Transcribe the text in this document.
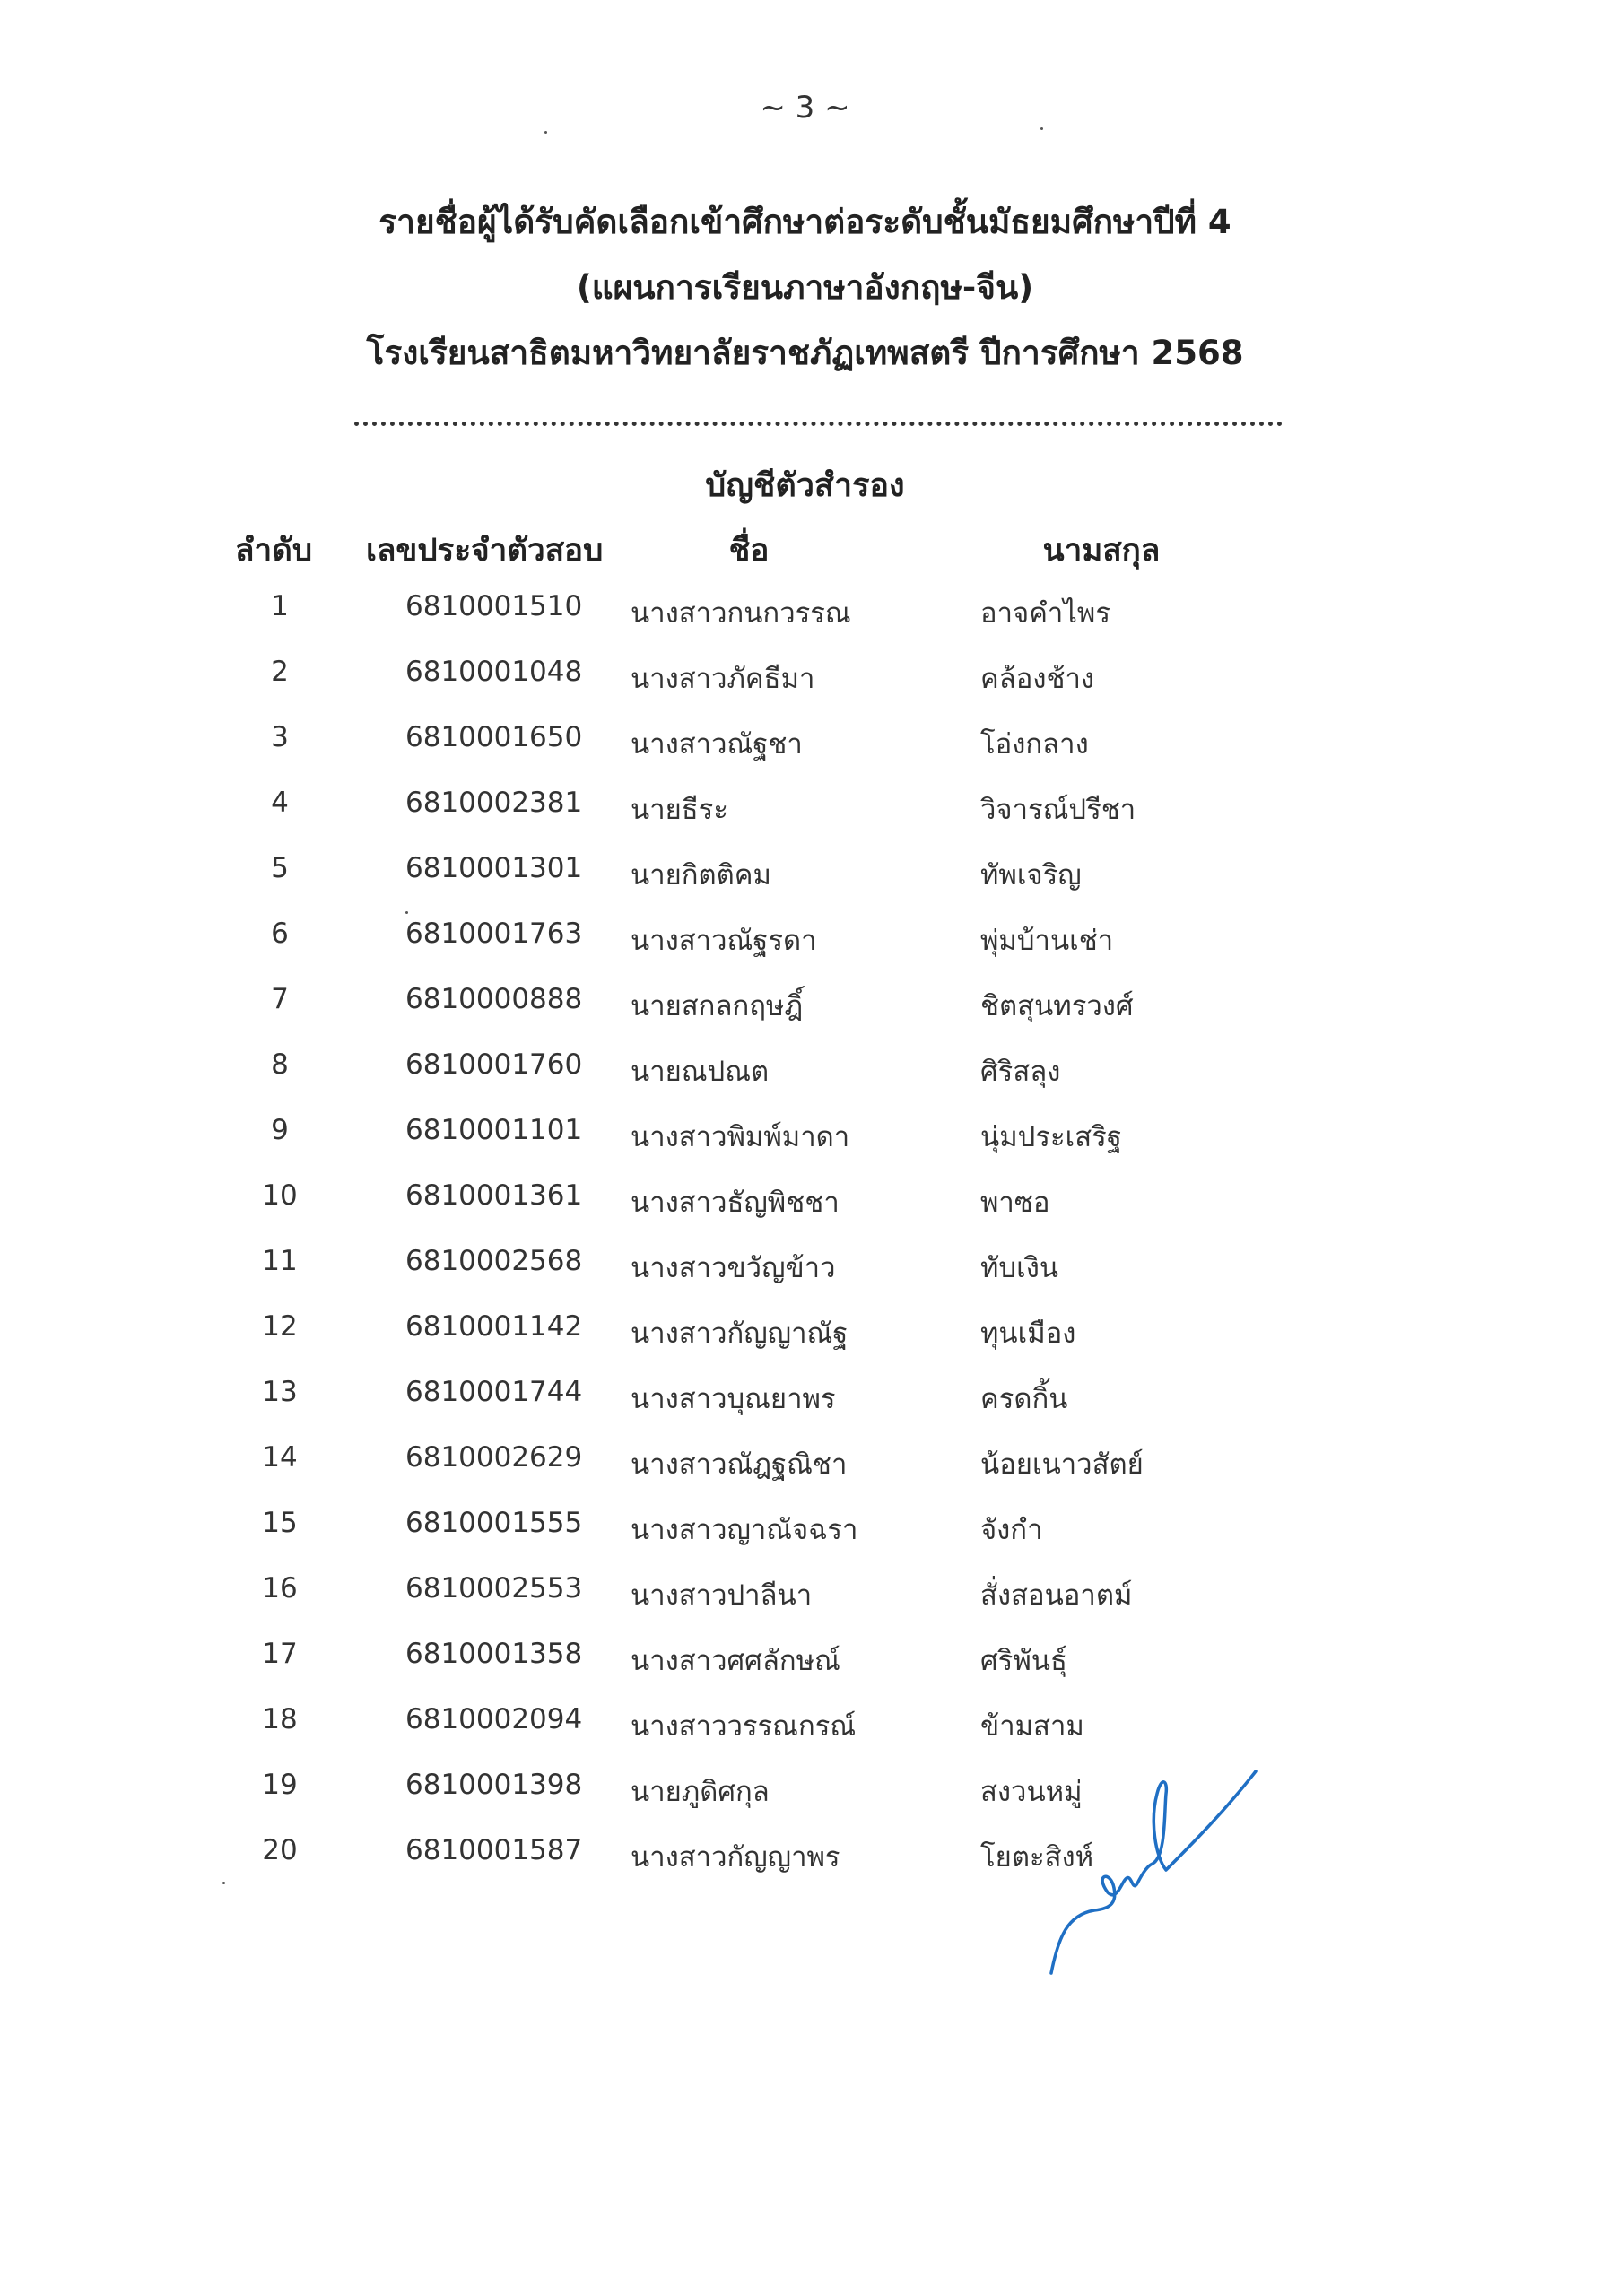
~ 3 ~
รายชื่อผู้ได้รับคัดเลือกเข้าศึกษาต่อระดับชั้นมัธยมศึกษาปีที่ 4
(แผนการเรียนภาษาอังกฤษ-จีน)
โรงเรียนสาธิตมหาวิทยาลัยราชภัฏเทพสตรี ปีการศึกษา 2568
บัญชีตัวสำรอง
ลำดับ เลขประจำตัวสอบ	ชื่อ	นามสกุล
1	6810001510 นางสาวกนกวรรณ	อาจคำไพร
2	6810001048 นางสาวภัคธีมา	คล้องช้าง
3	6810001650 นางสาวณัฐชา	โอ่งกลาง
4	6810002381 นายธีระ	วิจารณ์ปรีชา
5	6810001301 นายกิตติคม	ทัพเจริญ
6	6810001763 นางสาวณัฐรดา	พุ่มบ้านเช่า
7	6810000888 นายสกลกฤษฎิ์	ชิตสุนทรวงศ์
8	6810001760 นายณปณต	ศิริสลุง
9	6810001101 นางสาวพิมพ์มาดา	นุ่มประเสริฐ
10	6810001361 นางสาวธัญพิชชา	พาซอ
11	6810002568 นางสาวขวัญข้าว	ทับเงิน
12	6810001142 นางสาวกัญญาณัฐ	ทุนเมือง
13	6810001744 นางสาวบุณยาพร	ครดกิ้น
14	6810002629 นางสาวณัฎฐณิชา	น้อยเนาวสัตย์
15	6810001555 นางสาวญาณัจฉรา	จังกำ
16	6810002553 นางสาวปาลีนา	สั่งสอนอาตม์
17	6810001358 นางสาวศศลักษณ์	ศริพันธุ์
18	6810002094 นางสาววรรณกรณ์	ข้ามสาม
19	6810001398 นายภูดิศกุล	สงวนหมู่
20	6810001587 นางสาวกัญญาพร	โยตะสิงห์
